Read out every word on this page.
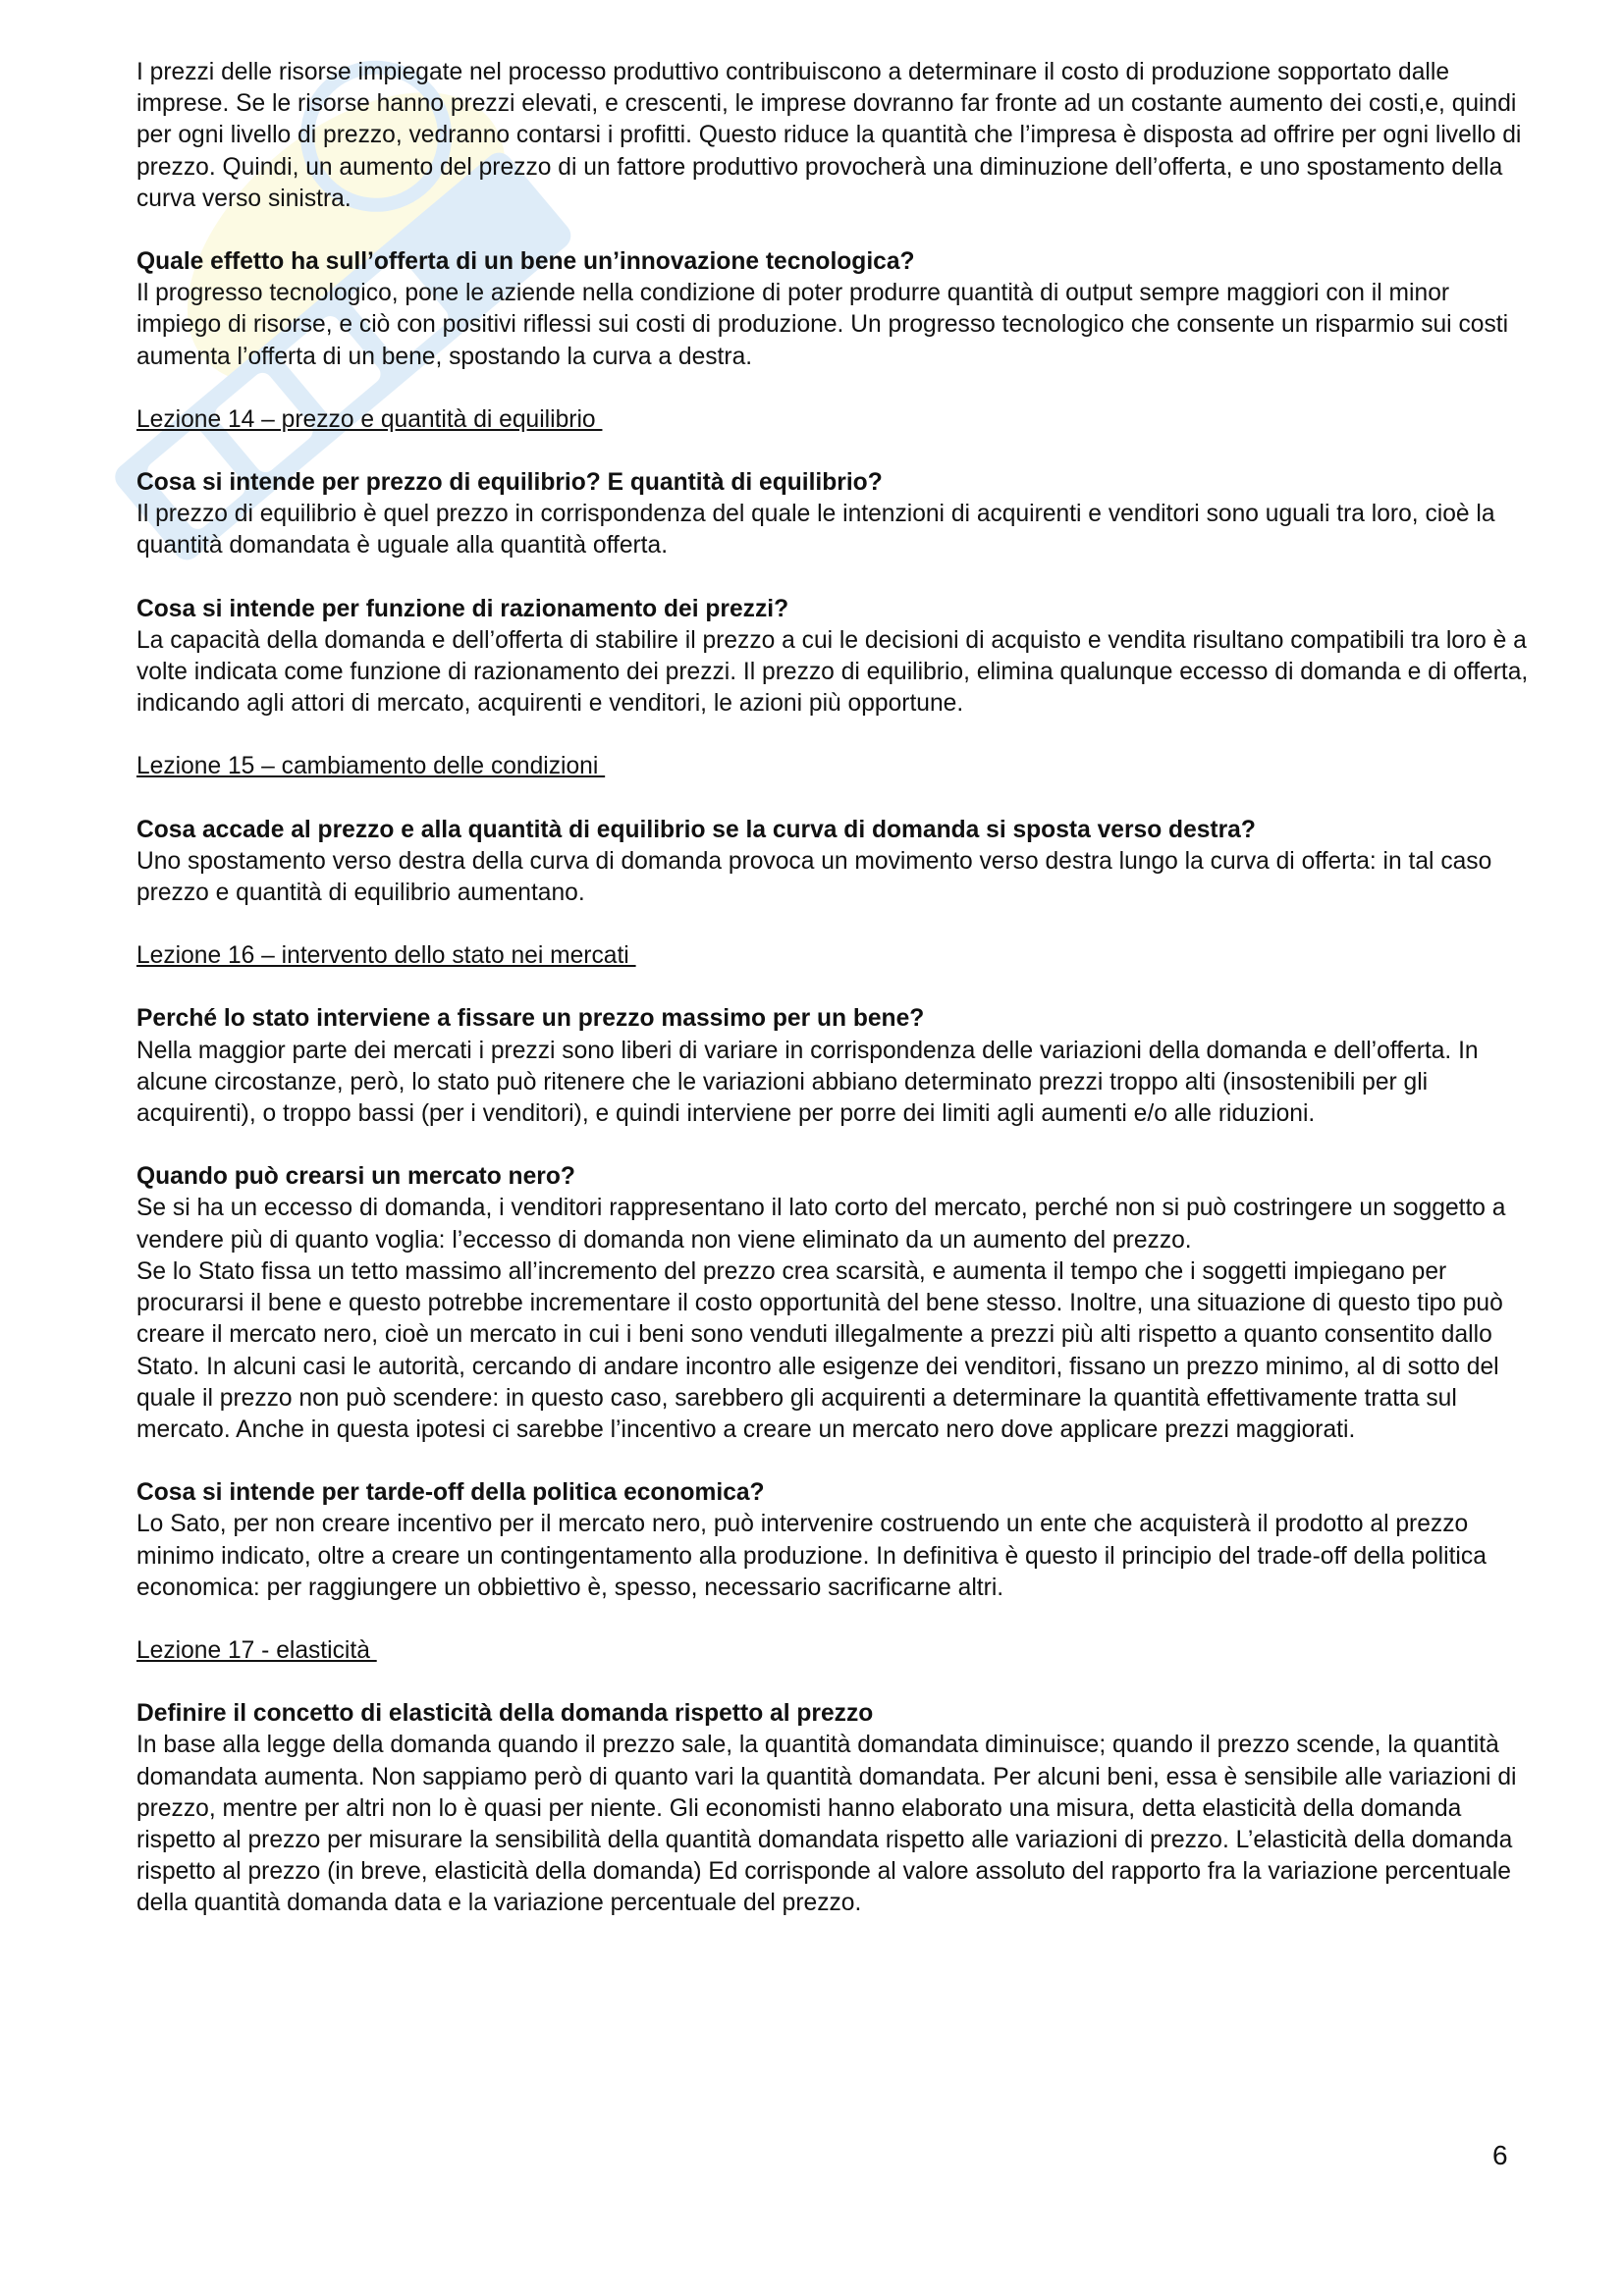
I prezzi delle risorse impiegate nel processo produttivo contribuiscono a determinare il costo di produzione sopportato dalle imprese. Se le risorse hanno prezzi elevati, e crescenti, le imprese dovranno far fronte ad un costante aumento dei costi,e, quindi per ogni livello di prezzo, vedranno contarsi i profitti. Questo riduce la quantità che l’impresa è disposta ad offrire per ogni livello di prezzo. Quindi, un aumento del prezzo di un fattore produttivo provocherà una diminuzione dell’offerta, e uno spostamento della curva verso sinistra.

Quale effetto ha sull’offerta di un bene un’innovazione tecnologica?

Il progresso tecnologico, pone le aziende nella condizione di poter produrre quantità di output sempre maggiori con il minor impiego di risorse, e ciò con positivi riflessi sui costi di produzione. Un progresso tecnologico che consente un risparmio sui costi aumenta l’offerta di un bene, spostando la curva a destra.

Lezione 14 – prezzo e quantità di equilibrio

Cosa si intende per prezzo di equilibrio? E quantità di equilibrio?

Il prezzo di equilibrio è quel prezzo in corrispondenza del quale le intenzioni di acquirenti e venditori sono uguali tra loro, cioè la quantità domandata è uguale alla quantità offerta.

Cosa si intende per funzione di razionamento dei prezzi?

La capacità della domanda e dell’offerta di stabilire il prezzo a cui le decisioni di acquisto e vendita risultano compatibili tra loro è a volte indicata come funzione di razionamento dei prezzi. Il prezzo di equilibrio, elimina qualunque eccesso di domanda e di offerta, indicando agli attori di mercato, acquirenti e venditori, le azioni più opportune.

Lezione 15 – cambiamento delle condizioni

Cosa accade al prezzo e alla quantità di equilibrio se la curva di domanda si sposta verso destra?

Uno spostamento verso destra della curva di domanda provoca un movimento verso destra lungo la curva di offerta: in tal caso prezzo e quantità di equilibrio aumentano.

Lezione 16 – intervento dello stato nei mercati

Perché lo stato interviene a fissare un prezzo massimo per un bene?

Nella maggior parte dei mercati i prezzi sono liberi di variare in corrispondenza delle variazioni della domanda e dell’offerta. In alcune circostanze, però, lo stato può ritenere che le variazioni abbiano determinato prezzi troppo alti (insostenibili per gli acquirenti), o troppo bassi (per i venditori), e quindi interviene per porre dei limiti agli aumenti e/o alle riduzioni.

Quando può crearsi un mercato nero?

Se si ha un eccesso di domanda, i venditori rappresentano il lato corto del mercato, perché non si può costringere un soggetto a vendere più di quanto voglia: l’eccesso di domanda non viene eliminato da un aumento del prezzo.

Se lo Stato fissa un tetto massimo all’incremento del prezzo crea scarsità, e aumenta il tempo che i soggetti impiegano per procurarsi il bene e questo potrebbe incrementare il costo opportunità del bene stesso. Inoltre, una situazione di questo tipo può creare il mercato nero, cioè un mercato in cui i beni sono venduti illegalmente a prezzi più alti rispetto a quanto consentito dallo Stato. In alcuni casi le autorità, cercando di andare incontro alle esigenze dei venditori, fissano un prezzo minimo, al di sotto del quale il prezzo non può scendere: in questo caso, sarebbero gli acquirenti a determinare la quantità effettivamente tratta sul mercato. Anche in questa ipotesi ci sarebbe l’incentivo a creare un mercato nero dove applicare prezzi maggiorati.

Cosa si intende per tarde-off della politica economica?

Lo Sato, per non creare incentivo per il mercato nero, può intervenire costruendo un ente che acquisterà il prodotto al prezzo minimo indicato, oltre a creare un contingentamento alla produzione. In definitiva è questo il principio del trade-off della politica economica: per raggiungere un obbiettivo è, spesso, necessario sacrificarne altri.

Lezione 17 - elasticità

Definire il concetto di elasticità della domanda rispetto al prezzo

In base alla legge della domanda quando il prezzo sale, la quantità domandata diminuisce; quando il prezzo scende, la quantità domandata aumenta. Non sappiamo però di quanto vari la quantità domandata. Per alcuni beni, essa è sensibile alle variazioni di prezzo, mentre per altri non lo è quasi per niente. Gli economisti hanno elaborato una misura, detta elasticità della domanda rispetto al prezzo per misurare la sensibilità della quantità domandata rispetto alle variazioni di prezzo. L’elasticità della domanda rispetto al prezzo (in breve, elasticità della domanda) Ed corrisponde al valore assoluto del rapporto fra la variazione percentuale della quantità domanda data e la variazione percentuale del prezzo.

6
